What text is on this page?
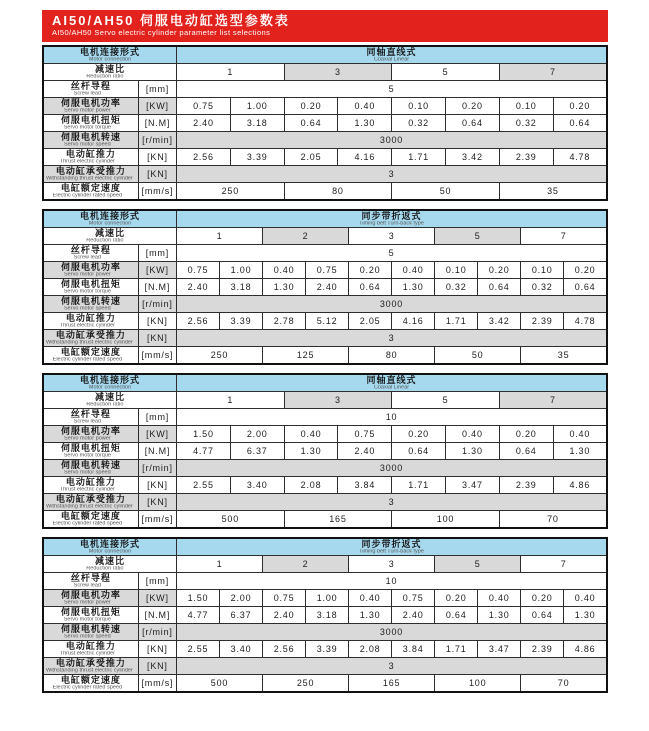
AI50/AH50 伺服电动缸选型参数表
AI50/AH50 Servo electric cylinder parameter list selections
电机连接形式
Motor connection

同轴直线式
Coaxial Linear

减速比
Reduction ratio		1		3		5		7	

丝杆导程
Screw lead	[mm]	5							

伺服电机功率
Servo motor power	[KW]	0.75	1.00	0.20	0.40	0.10	0.20	0.10	0.20

伺服电机扭矩
Servo motor torque	[N.M]	2.40	3.18	0.64	1.30	0.32	0.64	0.32	0.64

伺服电机转速
Servo motor speed	[r/min]	3000							

电动缸推力
Thrust electric cylinder	[KN]	2.56	3.39	2.05	4.16	1.71	3.42	2.39	4.78

电动缸承受推力
Withstanding thrust electric cylinder	[KN]	3							

电缸额定速度
Electric cylinder rated speed	[mm/s]	250		80		50		35	
电机连接形式
Motor connection

同步带折返式
Timing belt Turn-back type

减速比
Reduction ratio		1		2		3		5		7	

丝杆导程
Screw lead	[mm]	5									

伺服电机功率
Servo motor power	[KW]	0.75	1.00	0.40	0.75	0.20	0.40	0.10	0.20	0.10	0.20

伺服电机扭矩
Servo motor torque	[N.M]	2.40	3.18	1.30	2.40	0.64	1.30	0.32	0.64	0.32	0.64

伺服电机转速
Servo motor speed	[r/min]	3000									

电动缸推力
Thrust electric cylinder	[KN]	2.56	3.39	2.78	5.12	2.05	4.16	1.71	3.42	2.39	4.78

电动缸承受推力
Withstanding thrust electric cylinder	[KN]	3									

电缸额定速度
Electric cylinder rated speed	[mm/s]	250		125		80		50		35	
电机连接形式
Motor connection

同轴直线式
Coaxial Linear

减速比
Reduction ratio		1		3		5		7	

丝杆导程
Screw lead	[mm]	10							

伺服电机功率
Servo motor power	[KW]	1.50	2.00	0.40	0.75	0.20	0.40	0.20	0.40

伺服电机扭矩
Servo motor torque	[N.M]	4.77	6.37	1.30	2.40	0.64	1.30	0.64	1.30

伺服电机转速
Servo motor speed	[r/min]	3000							

电动缸推力
Thrust electric cylinder	[KN]	2.55	3.40	2.08	3.84	1.71	3.47	2.39	4.86

电动缸承受推力
Withstanding thrust electric cylinder	[KN]	3							

电缸额定速度
Electric cylinder rated speed	[mm/s]	500		165		100		70	
电机连接形式
Motor connection

同步带折返式
Timing belt Turn-back type

减速比
Reduction ratio		1		2		3		5		7	

丝杆导程
Screw lead	[mm]	10									

伺服电机功率
Servo motor power	[KW]	1.50	2.00	0.75	1.00	0.40	0.75	0.20	0.40	0.20	0.40

伺服电机扭矩
Servo motor torque	[N.M]	4.77	6.37	2.40	3.18	1.30	2.40	0.64	1.30	0.64	1.30

伺服电机转速
Servo motor speed	[r/min]	3000									

电动缸推力
Thrust electric cylinder	[KN]	2.55	3.40	2.56	3.39	2.08	3.84	1.71	3.47	2.39	4.86

电动缸承受推力
Withstanding thrust electric cylinder	[KN]	3									

电缸额定速度
Electric cylinder rated speed	[mm/s]	500		250		165		100		70	
